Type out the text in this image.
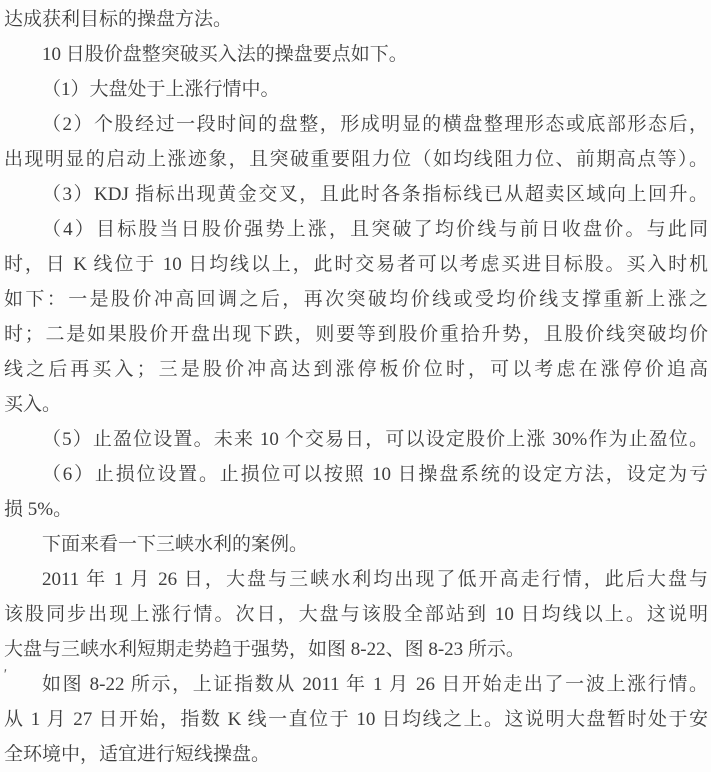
达成获利目标的操盘方法。
10 日股价盘整突破买入法的操盘要点如下。
（1）大盘处于上涨行情中。
（2）个股经过一段时间的盘整，形成明显的横盘整理形态或底部形态后，
出现明显的启动上涨迹象，且突破重要阻力位（如均线阻力位、前期高点等）。
（3）KDJ 指标出现黄金交叉，且此时各条指标线已从超卖区域向上回升。
（4）目标股当日股价强势上涨，且突破了均价线与前日收盘价。与此同
时，日 K 线位于 10 日均线以上，此时交易者可以考虑买进目标股。买入时机
如下：一是股价冲高回调之后，再次突破均价线或受均价线支撑重新上涨之
时；二是如果股价开盘出现下跌，则要等到股价重拾升势，且股价线突破均价
线之后再买入；三是股价冲高达到涨停板价位时，可以考虑在涨停价追高
买入。
（5）止盈位设置。未来 10 个交易日，可以设定股价上涨 30%作为止盈位。
（6）止损位设置。止损位可以按照 10 日操盘系统的设定方法，设定为亏
损 5%。
下面来看一下三峡水利的案例。
2011 年 1 月 26 日，大盘与三峡水利均出现了低开高走行情，此后大盘与
该股同步出现上涨行情。次日，大盘与该股全部站到 10 日均线以上。这说明
大盘与三峡水利短期走势趋于强势，如图 8-22、图 8-23 所示。
如图 8-22 所示，上证指数从 2011 年 1 月 26 日开始走出了一波上涨行情。
'
从 1 月 27 日开始，指数 K 线一直位于 10 日均线之上。这说明大盘暂时处于安
全环境中，适宜进行短线操盘。
